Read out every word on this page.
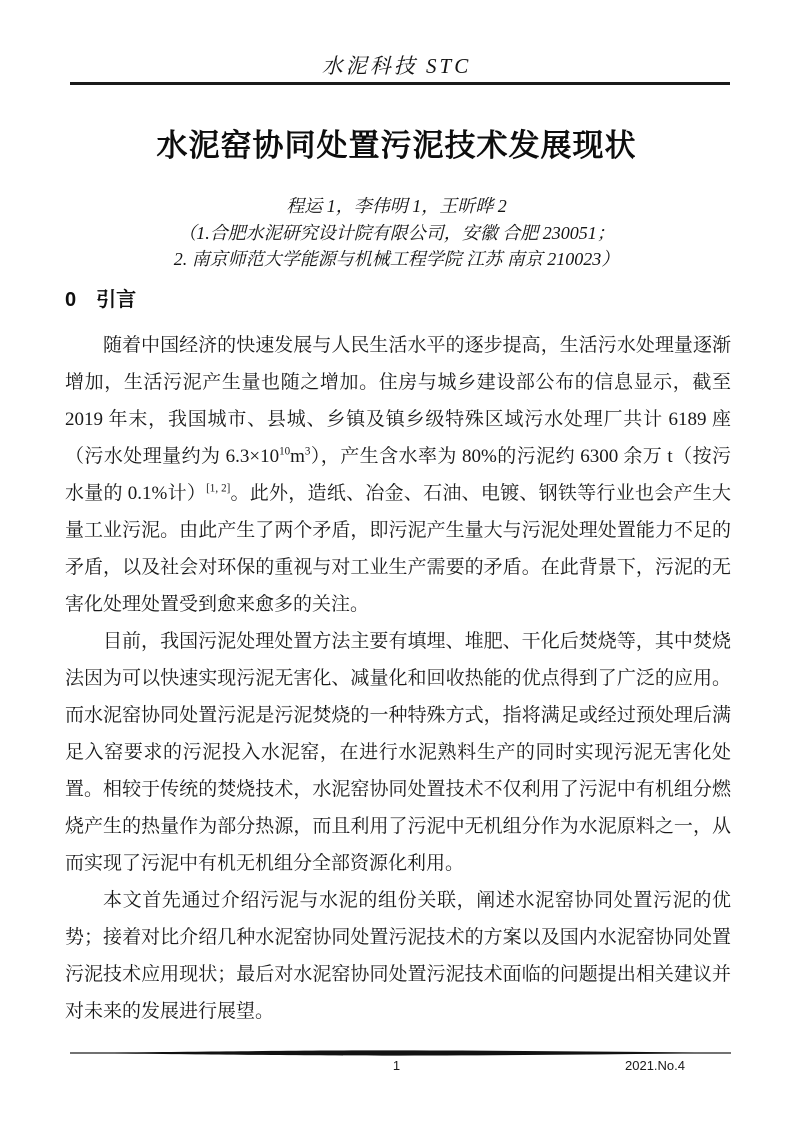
水泥科技 STC
水泥窑协同处置污泥技术发展现状
程运 1，李伟明 1，王昕晔 2
（1.合肥水泥研究设计院有限公司，安徽 合肥 230051；
2. 南京师范大学能源与机械工程学院 江苏 南京 210023）
0 引言

随着中国经济的快速发展与人民生活水平的逐步提高，生活污水处理量逐渐增加，生活污泥产生量也随之增加。住房与城乡建设部公布的信息显示，截至 2019 年末，我国城市、县城、乡镇及镇乡级特殊区域污水处理厂共计 6189 座（污水处理量约为 $6.3\times 10^{10}m^3$），产生含水率为 80%的污泥约 6300 余万 t（按污水量的 0.1%计）[1, 2]。此外，造纸、冶金、石油、电镀、钢铁等行业也会产生大量工业污泥。由此产生了两个矛盾，即污泥产生量大与污泥处理处置能力不足的矛盾，以及社会对环保的重视与对工业生产需要的矛盾。在此背景下，污泥的无害化处理处置受到愈来愈多的关注。

目前，我国污泥处理处置方法主要有填埋、堆肥、干化后焚烧等，其中焚烧法因为可以快速实现污泥无害化、减量化和回收热能的优点得到了广泛的应用。而水泥窑协同处置污泥是污泥焚烧的一种特殊方式，指将满足或经过预处理后满足入窑要求的污泥投入水泥窑，在进行水泥熟料生产的同时实现污泥无害化处置。相较于传统的焚烧技术，水泥窑协同处置技术不仅利用了污泥中有机组分燃烧产生的热量作为部分热源，而且利用了污泥中无机组分作为水泥原料之一，从而实现了污泥中有机无机组分全部资源化利用。

本文首先通过介绍污泥与水泥的组份关联，阐述水泥窑协同处置污泥的优势；接着对比介绍几种水泥窑协同处置污泥技术的方案以及国内水泥窑协同处置污泥技术应用现状；最后对水泥窑协同处置污泥技术面临的问题提出相关建议并对未来的发展进行展望。

1	2021.No.4
